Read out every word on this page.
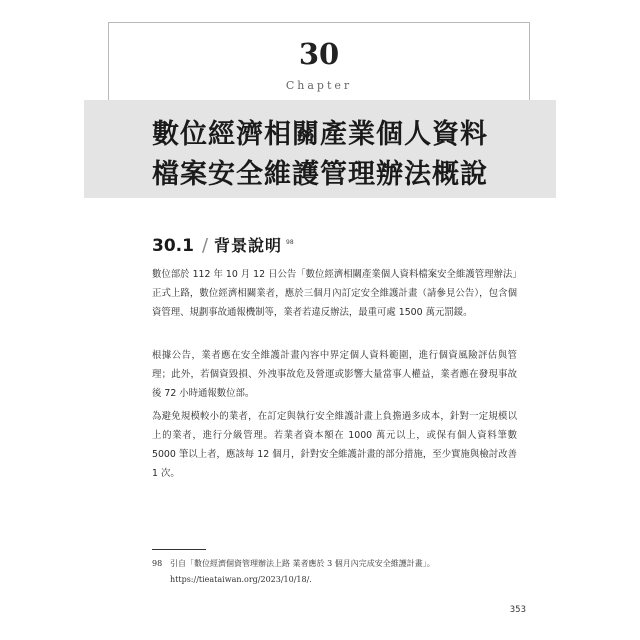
30
Chapter
數位經濟相關產業個人資料
檔案安全維護管理辦法概說
30.1 / 背景說明 98
數位部於 112 年 10 月 12 日公告「數位經濟相關產業個人資料檔案安全維護管理辦法」正式上路，數位經濟相關業者，應於三個月內訂定安全維護計畫（請參見公告），包含個資管理、規劃事故通報機制等，業者若違反辦法，最重可處 1500 萬元罰鍰。
根據公告，業者應在安全維護計畫內容中界定個人資料範圍，進行個資風險評估與管理；此外，若個資毀損、外洩事故危及營運或影響大量當事人權益，業者應在發現事故後 72 小時通報數位部。
為避免規模較小的業者，在訂定與執行安全維護計畫上負擔過多成本，針對一定規模以上的業者，進行分級管理。若業者資本額在 1000 萬元以上，或保有個人資料筆數 5000 筆以上者，應該每 12 個月，針對安全維護計畫的部分措施，至少實施與檢討改善 1 次。
98 引自「數位經濟個資管理辦法上路 業者應於 3 個月內完成安全維護計畫」。
https://tieataiwan.org/2023/10/18/.
353
